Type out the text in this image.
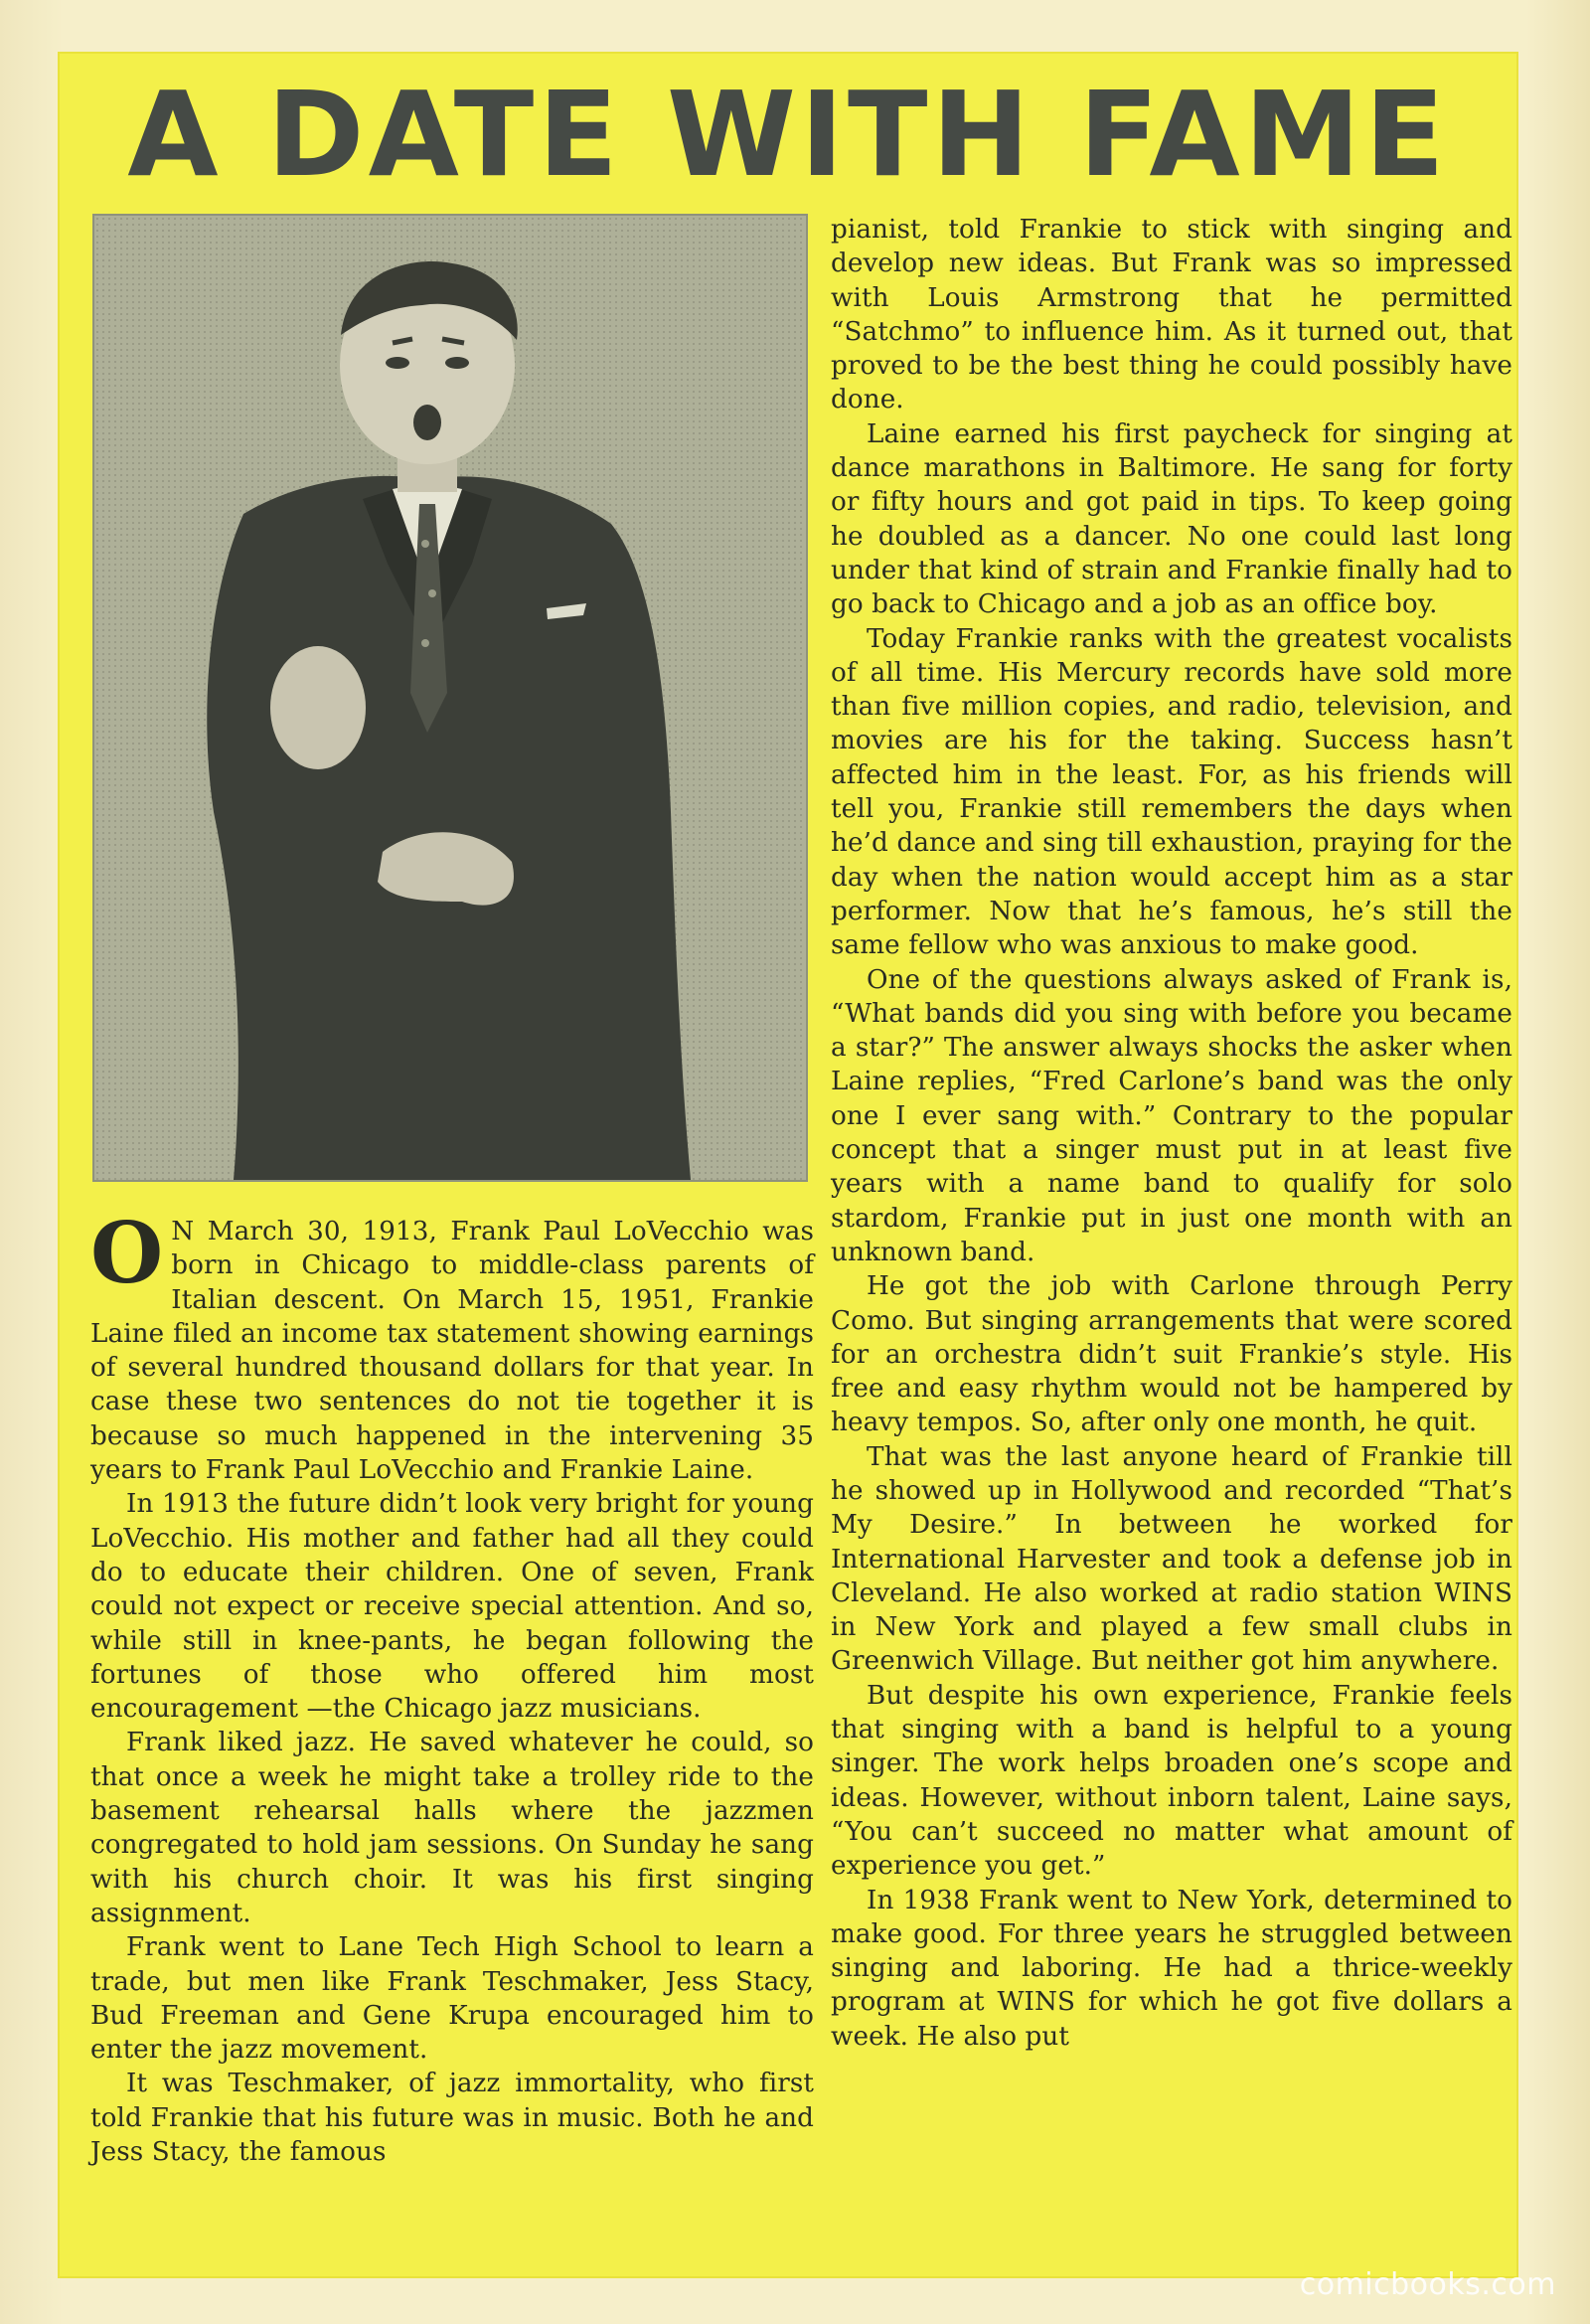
A DATE WITH FAME

O N March 30, 1913, Frank Paul LoVecchio was born in Chicago to middle-class parents of Italian descent. On March 15, 1951, Frankie Laine filed an income tax statement showing earnings of several hundred thousand dollars for that year. In case these two sentences do not tie together it is because so much happened in the intervening 35 years to Frank Paul LoVecchio and Frankie Laine.

In 1913 the future didn’t look very bright for young LoVecchio. His mother and father had all they could do to educate their children. One of seven, Frank could not expect or receive special attention. And so, while still in knee-pants, he began following the fortunes of those who offered him most encouragement —the Chicago jazz musicians.

Frank liked jazz. He saved whatever he could, so that once a week he might take a trolley ride to the basement rehearsal halls where the jazzmen congregated to hold jam sessions. On Sunday he sang with his church choir. It was his first singing assignment.

Frank went to Lane Tech High School to learn a trade, but men like Frank Teschmaker, Jess Stacy, Bud Freeman and Gene Krupa encouraged him to enter the jazz movement.

It was Teschmaker, of jazz immortality, who first told Frankie that his future was in music. Both he and Jess Stacy, the famous

pianist, told Frankie to stick with singing and develop new ideas. But Frank was so impressed with Louis Armstrong that he permitted “Satchmo” to influence him. As it turned out, that proved to be the best thing he could possibly have done.

Laine earned his first paycheck for singing at dance marathons in Baltimore. He sang for forty or fifty hours and got paid in tips. To keep going he doubled as a dancer. No one could last long under that kind of strain and Frankie finally had to go back to Chicago and a job as an office boy.

Today Frankie ranks with the greatest vocalists of all time. His Mercury records have sold more than five million copies, and radio, television, and movies are his for the taking. Success hasn’t affected him in the least. For, as his friends will tell you, Frankie still remembers the days when he’d dance and sing till exhaustion, praying for the day when the nation would accept him as a star performer. Now that he’s famous, he’s still the same fellow who was anxious to make good.

One of the questions always asked of Frank is, “What bands did you sing with before you became a star?” The answer always shocks the asker when Laine replies, “Fred Carlone’s band was the only one I ever sang with.” Contrary to the popular concept that a singer must put in at least five years with a name band to qualify for solo stardom, Frankie put in just one month with an unknown band.

He got the job with Carlone through Perry Como. But singing arrangements that were scored for an orchestra didn’t suit Frankie’s style. His free and easy rhythm would not be hampered by heavy tempos. So, after only one month, he quit.

That was the last anyone heard of Frankie till he showed up in Hollywood and recorded “That’s My Desire.” In between he worked for International Harvester and took a defense job in Cleveland. He also worked at radio station WINS in New York and played a few small clubs in Greenwich Village. But neither got him anywhere.

But despite his own experience, Frankie feels that singing with a band is helpful to a young singer. The work helps broaden one’s scope and ideas. However, without inborn talent, Laine says, “You can’t succeed no matter what amount of experience you get.”

In 1938 Frank went to New York, determined to make good. For three years he struggled between singing and laboring. He had a thrice-weekly program at WINS for which he got five dollars a week. He also put

comicbooks.com
